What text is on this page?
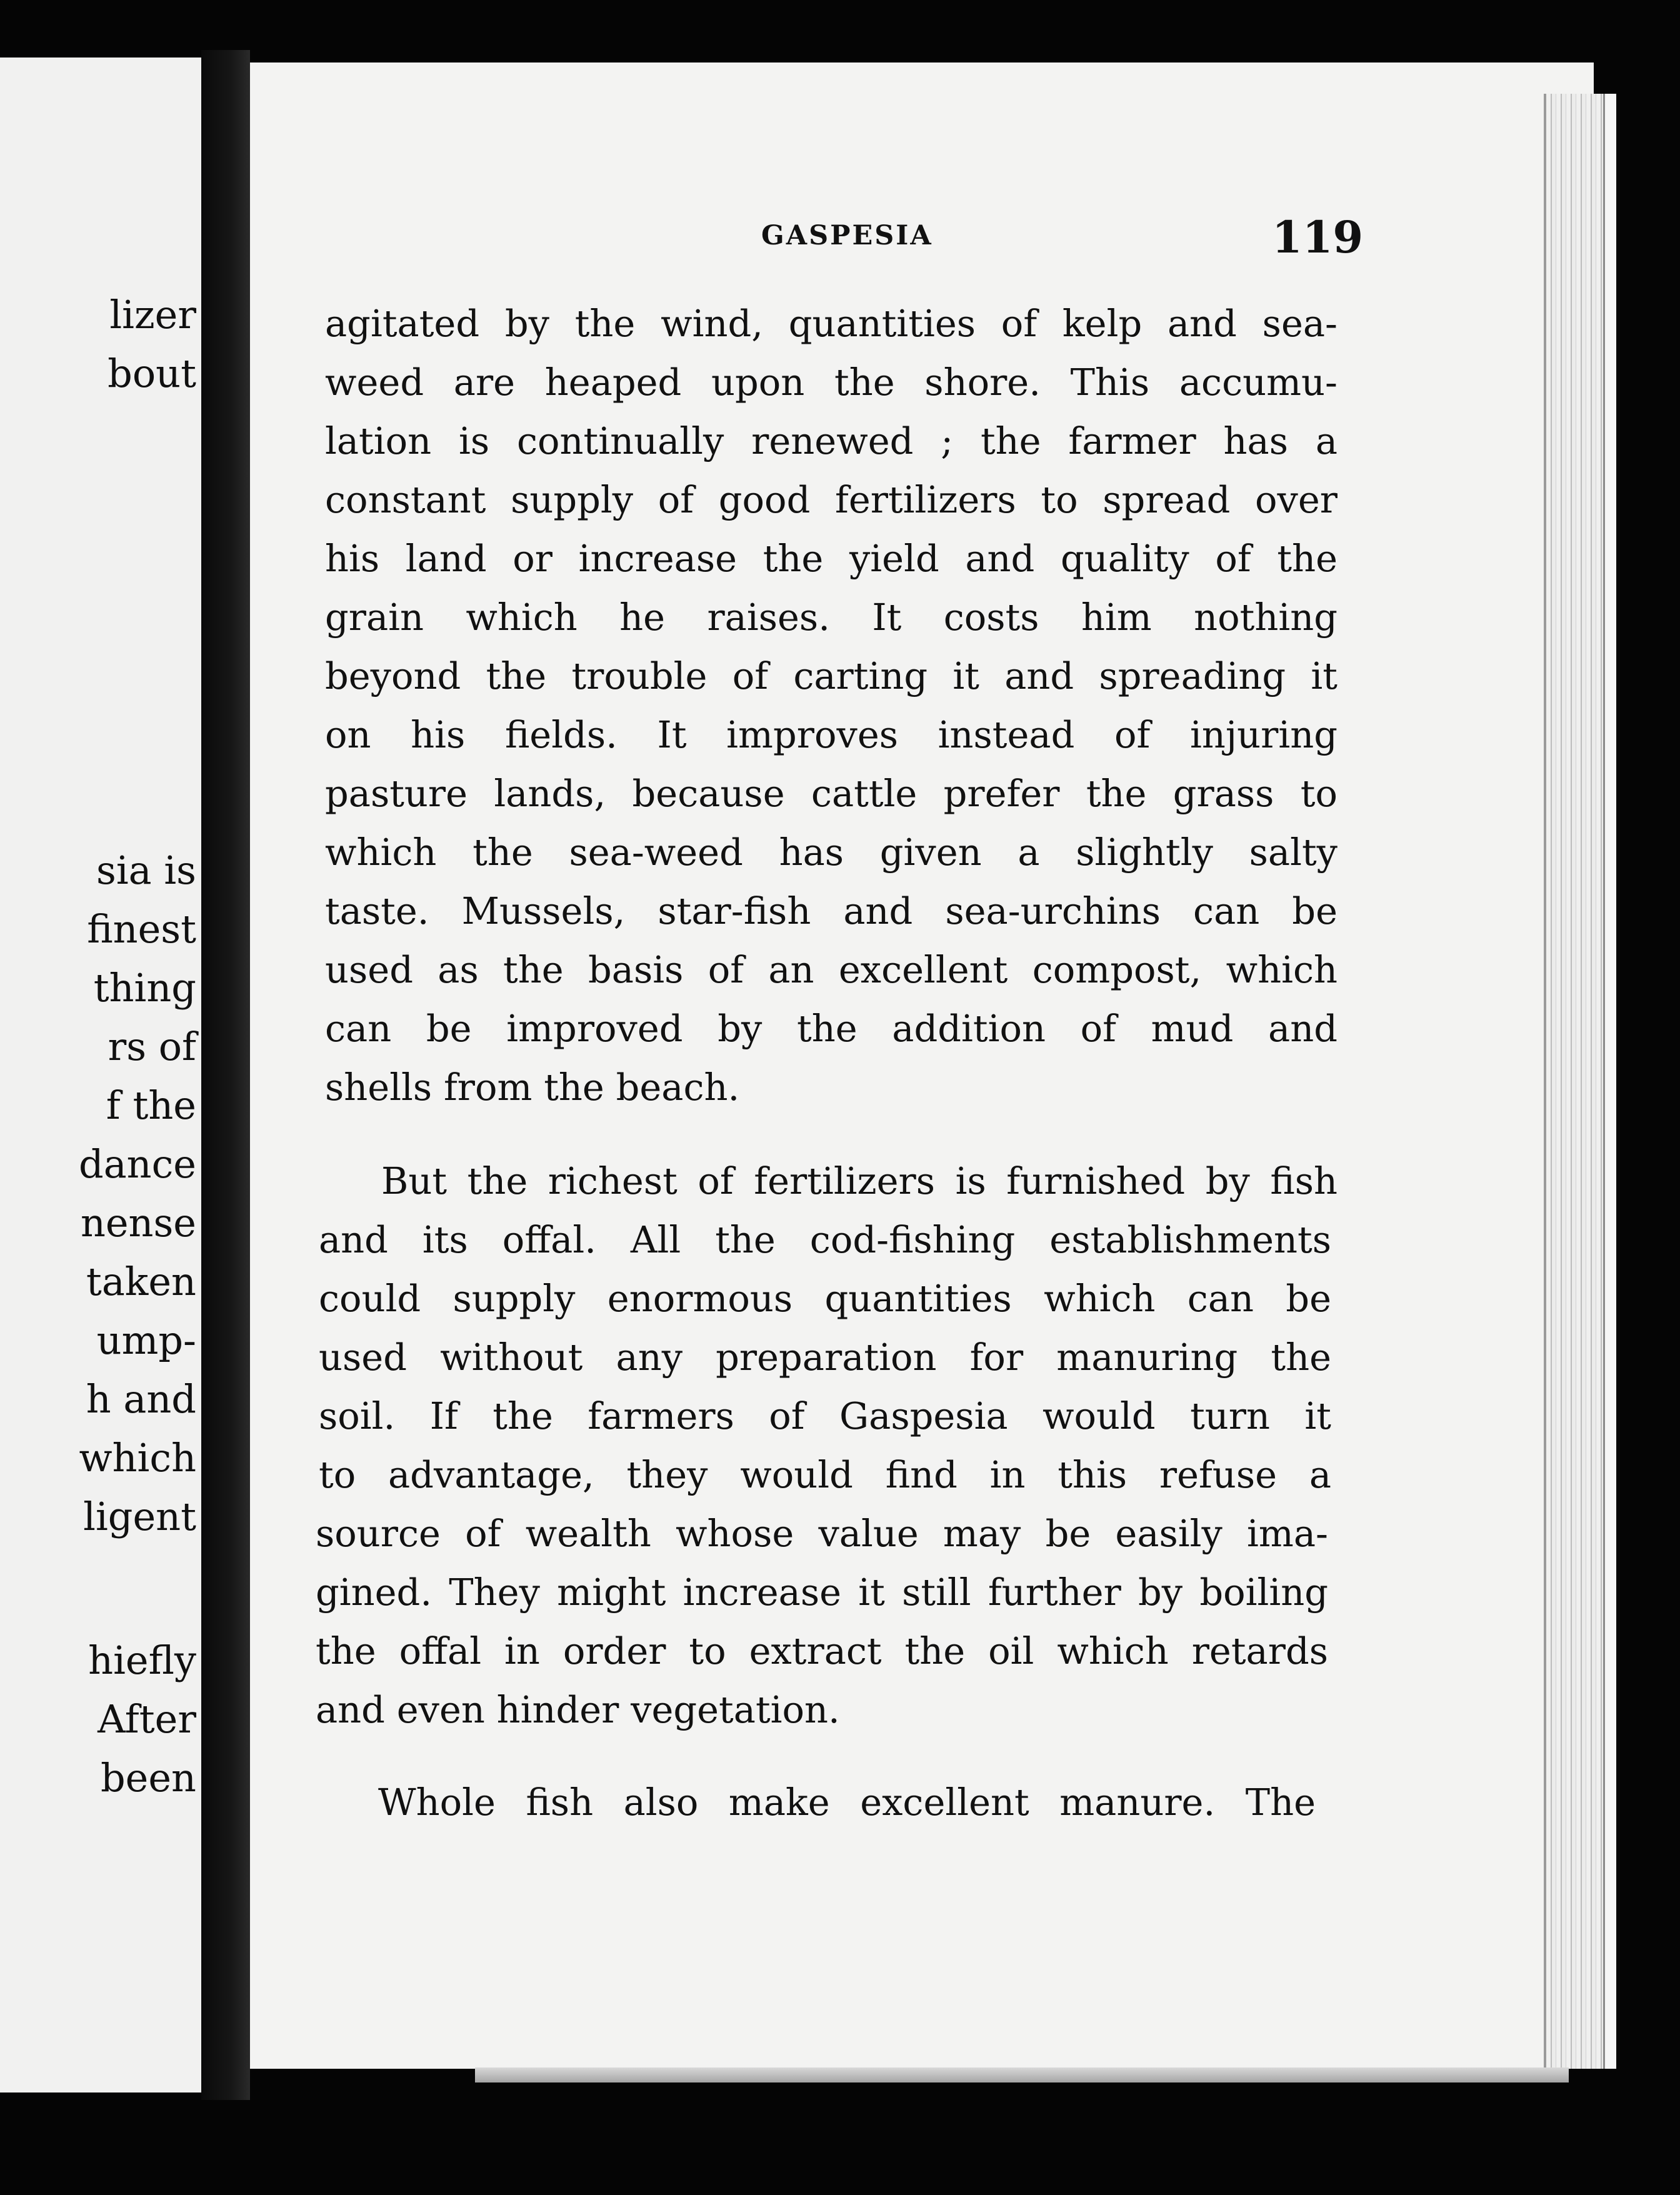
lizer

bout

sia is

finest

thing

rs of

f the

dance

nense

taken

ump-

h and

which

ligent

hiefly

After

been

GASPESIA	119

agitated by the wind, quantities of kelp and sea-

weed are heaped upon the shore. This accumu-

lation is continually renewed ; the farmer has a

constant supply of good fertilizers to spread over

his land or increase the yield and quality of the

grain which he raises. It costs him nothing

beyond the trouble of carting it and spreading it

on his fields. It improves instead of injuring

pasture lands, because cattle prefer the grass to

which the sea-weed has given a slightly salty

taste. Mussels, star-fish and sea-urchins can be

used as the basis of an excellent compost, which

can be improved by the addition of mud and

shells from the beach.

But the richest of fertilizers is furnished by fish

and its offal. All the cod-fishing establishments

could supply enormous quantities which can be

used without any preparation for manuring the

soil. If the farmers of Gaspesia would turn it

to advantage, they would find in this refuse a

source of wealth whose value may be easily ima-

gined. They might increase it still further by boiling

the offal in order to extract the oil which retards

and even hinder vegetation.

Whole fish also make excellent manure. The
